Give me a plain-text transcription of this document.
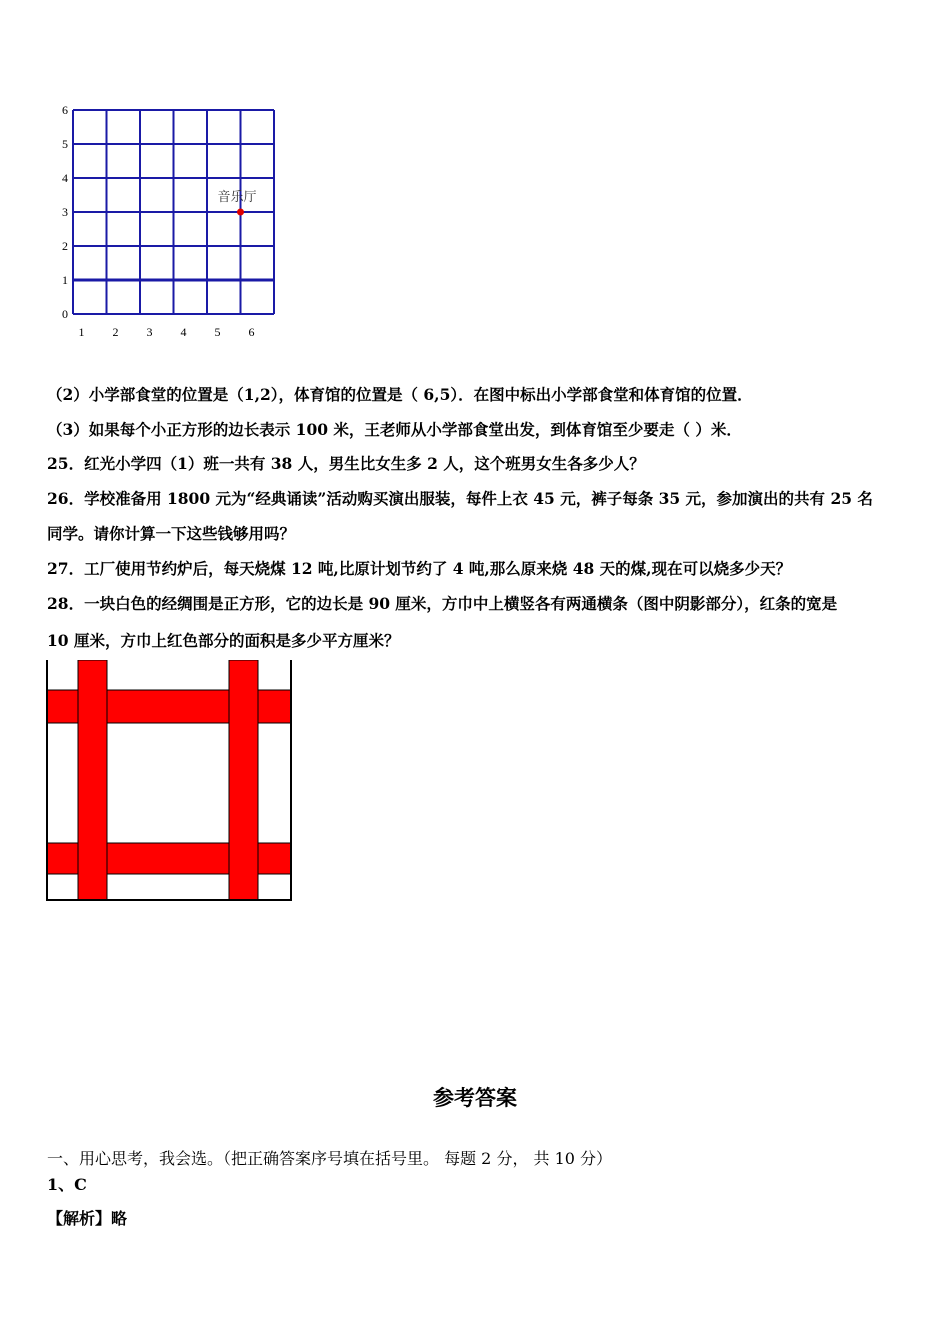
6
5
4
3
2
1
0
1 2 3 4 5 6
音乐厅
（2）小学部食堂的位置是（1,2），体育馆的位置是（ 6,5）．在图中标出小学部食堂和体育馆的位置．
（3）如果每个小正方形的边长表示 100 米，王老师从小学部食堂出发，到体育馆至少要走（ ）米．
25．红光小学四（1）班一共有 38 人，男生比女生多 2 人，这个班男女生各多少人？
26．学校准备用 1800 元为“经典诵读”活动购买演出服装，每件上衣 45 元，裤子每条 35 元，参加演出的共有 25 名
同学。请你计算一下这些钱够用吗？
27．工厂使用节约炉后，每天烧煤 12 吨,比原计划节约了 4 吨,那么原来烧 48 天的煤,现在可以烧多少天？
28．一块白色的经绸围是正方形，它的边长是 90 厘米，方巾中上横竖各有两通横条（图中阴影部分），红条的宽是
10 厘米，方巾上红色部分的面积是多少平方厘米？
参考答案
一、用心思考，我会选。（把正确答案序号填在括号里。 每题 2 分， 共 10 分）
1、C
【解析】略
